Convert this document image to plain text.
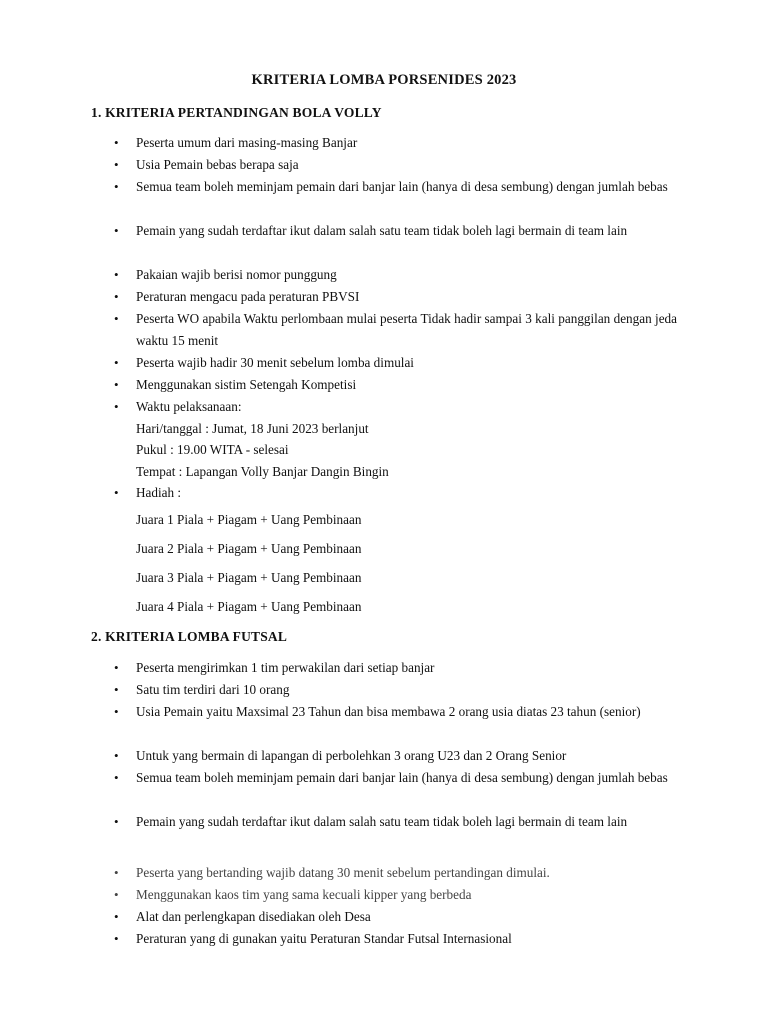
KRITERIA LOMBA PORSENIDES 2023
1. KRITERIA PERTANDINGAN BOLA VOLLY
• Peserta umum dari masing-masing Banjar
• Usia Pemain bebas berapa saja
• Semua team boleh meminjam pemain dari banjar lain (hanya di desa sembung) dengan jumlah bebas
• Pemain yang sudah terdaftar ikut dalam salah satu team tidak boleh lagi bermain di team lain
• Pakaian wajib berisi nomor punggung
• Peraturan mengacu pada peraturan PBVSI
• Peserta WO apabila Waktu perlombaan mulai peserta Tidak hadir sampai 3 kali panggilan dengan jeda waktu 15 menit
• Peserta wajib hadir 30 menit sebelum lomba dimulai
• Menggunakan sistim Setengah Kompetisi
• Waktu pelaksanaan:
Hari/tanggal : Jumat, 18 Juni 2023 berlanjut
Pukul : 19.00 WITA - selesai
Tempat : Lapangan Volly Banjar Dangin Bingin
• Hadiah :
Juara 1 Piala + Piagam + Uang Pembinaan
Juara 2 Piala + Piagam + Uang Pembinaan
Juara 3 Piala + Piagam + Uang Pembinaan
Juara 4 Piala + Piagam + Uang Pembinaan
2. KRITERIA LOMBA FUTSAL
• Peserta mengirimkan 1 tim perwakilan dari setiap banjar
• Satu tim terdiri dari 10 orang
• Usia Pemain yaitu Maxsimal 23 Tahun dan bisa membawa 2 orang usia diatas 23 tahun (senior)
• Untuk yang bermain di lapangan di perbolehkan 3 orang U23 dan 2 Orang Senior
• Semua team boleh meminjam pemain dari banjar lain (hanya di desa sembung) dengan jumlah bebas
• Pemain yang sudah terdaftar ikut dalam salah satu team tidak boleh lagi bermain di team lain
• Peserta yang bertanding wajib datang 30 menit sebelum pertandingan dimulai.
• Menggunakan kaos tim yang sama kecuali kipper yang berbeda
• Alat dan perlengkapan disediakan oleh Desa
• Peraturan yang di gunakan yaitu Peraturan Standar Futsal Internasional
